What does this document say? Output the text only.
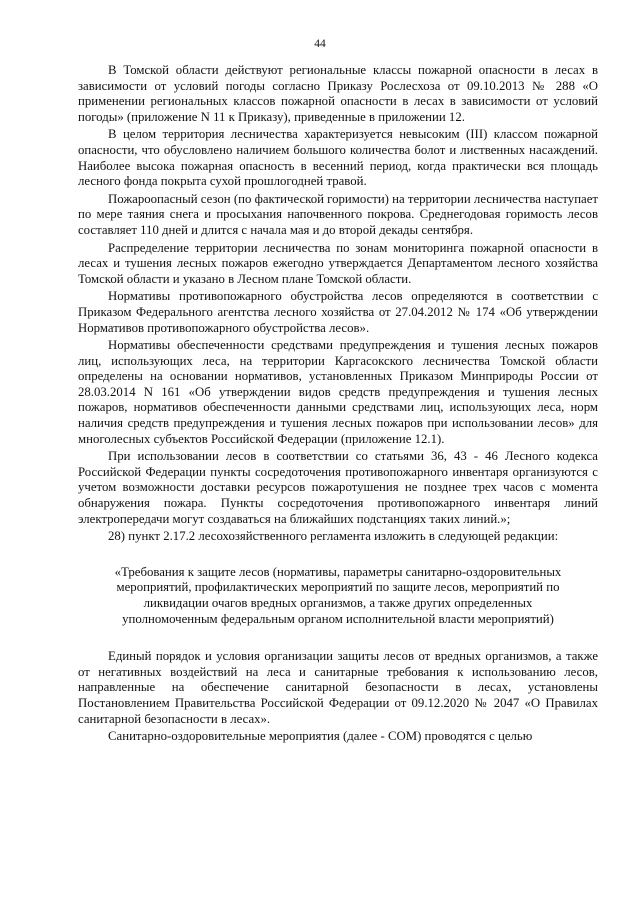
44

В Томской области действуют региональные классы пожарной опасности в лесах в зависимости от условий погоды согласно Приказу Рослесхоза от 09.10.2013 № 288 «О применении региональных классов пожарной опасности в лесах в зависимости от условий погоды» (приложение N 11 к Приказу), приведенные в приложении 12.

В целом территория лесничества характеризуется невысоким (III) классом пожарной опасности, что обусловлено наличием большого количества болот и лиственных насаждений. Наиболее высока пожарная опасность в весенний период, когда практически вся площадь лесного фонда покрыта сухой прошлогодней травой.

Пожароопасный сезон (по фактической горимости) на территории лесничества наступает по мере таяния снега и просыхания напочвенного покрова. Среднегодовая горимость лесов составляет 110 дней и длится с начала мая и до второй декады сентября.

Распределение территории лесничества по зонам мониторинга пожарной опасности в лесах и тушения лесных пожаров ежегодно утверждается Департаментом лесного хозяйства Томской области и указано в Лесном плане Томской области.

Нормативы противопожарного обустройства лесов определяются в соответствии с Приказом Федерального агентства лесного хозяйства от 27.04.2012 № 174 «Об утверждении Нормативов противопожарного обустройства лесов».

Нормативы обеспеченности средствами предупреждения и тушения лесных пожаров лиц, использующих леса, на территории Каргасокского лесничества Томской области определены на основании нормативов, установленных Приказом Минприроды России от 28.03.2014 N 161 «Об утверждении видов средств предупреждения и тушения лесных пожаров, нормативов обеспеченности данными средствами лиц, использующих леса, норм наличия средств предупреждения и тушения лесных пожаров при использовании лесов» для многолесных субъектов Российской Федерации (приложение 12.1).

При использовании лесов в соответствии со статьями 36, 43 - 46 Лесного кодекса Российской Федерации пункты сосредоточения противопожарного инвентаря организуются с учетом возможности доставки ресурсов пожаротушения не позднее трех часов с момента обнаружения пожара. Пункты сосредоточения противопожарного инвентаря линий электропередачи могут создаваться на ближайших подстанциях таких линий.»;

28) пункт 2.17.2 лесохозяйственного регламента изложить в следующей редакции:

«Требования к защите лесов (нормативы, параметры санитарно-оздоровительных мероприятий, профилактических мероприятий по защите лесов, мероприятий по ликвидации очагов вредных организмов, а также других определенных уполномоченным федеральным органом исполнительной власти мероприятий)

Единый порядок и условия организации защиты лесов от вредных организмов, а также от негативных воздействий на леса и санитарные требования к использованию лесов, направленные на обеспечение санитарной безопасности в лесах, установлены Постановлением Правительства Российской Федерации от 09.12.2020 № 2047 «О Правилах санитарной безопасности в лесах».

Санитарно-оздоровительные мероприятия (далее - СОМ) проводятся с целью
